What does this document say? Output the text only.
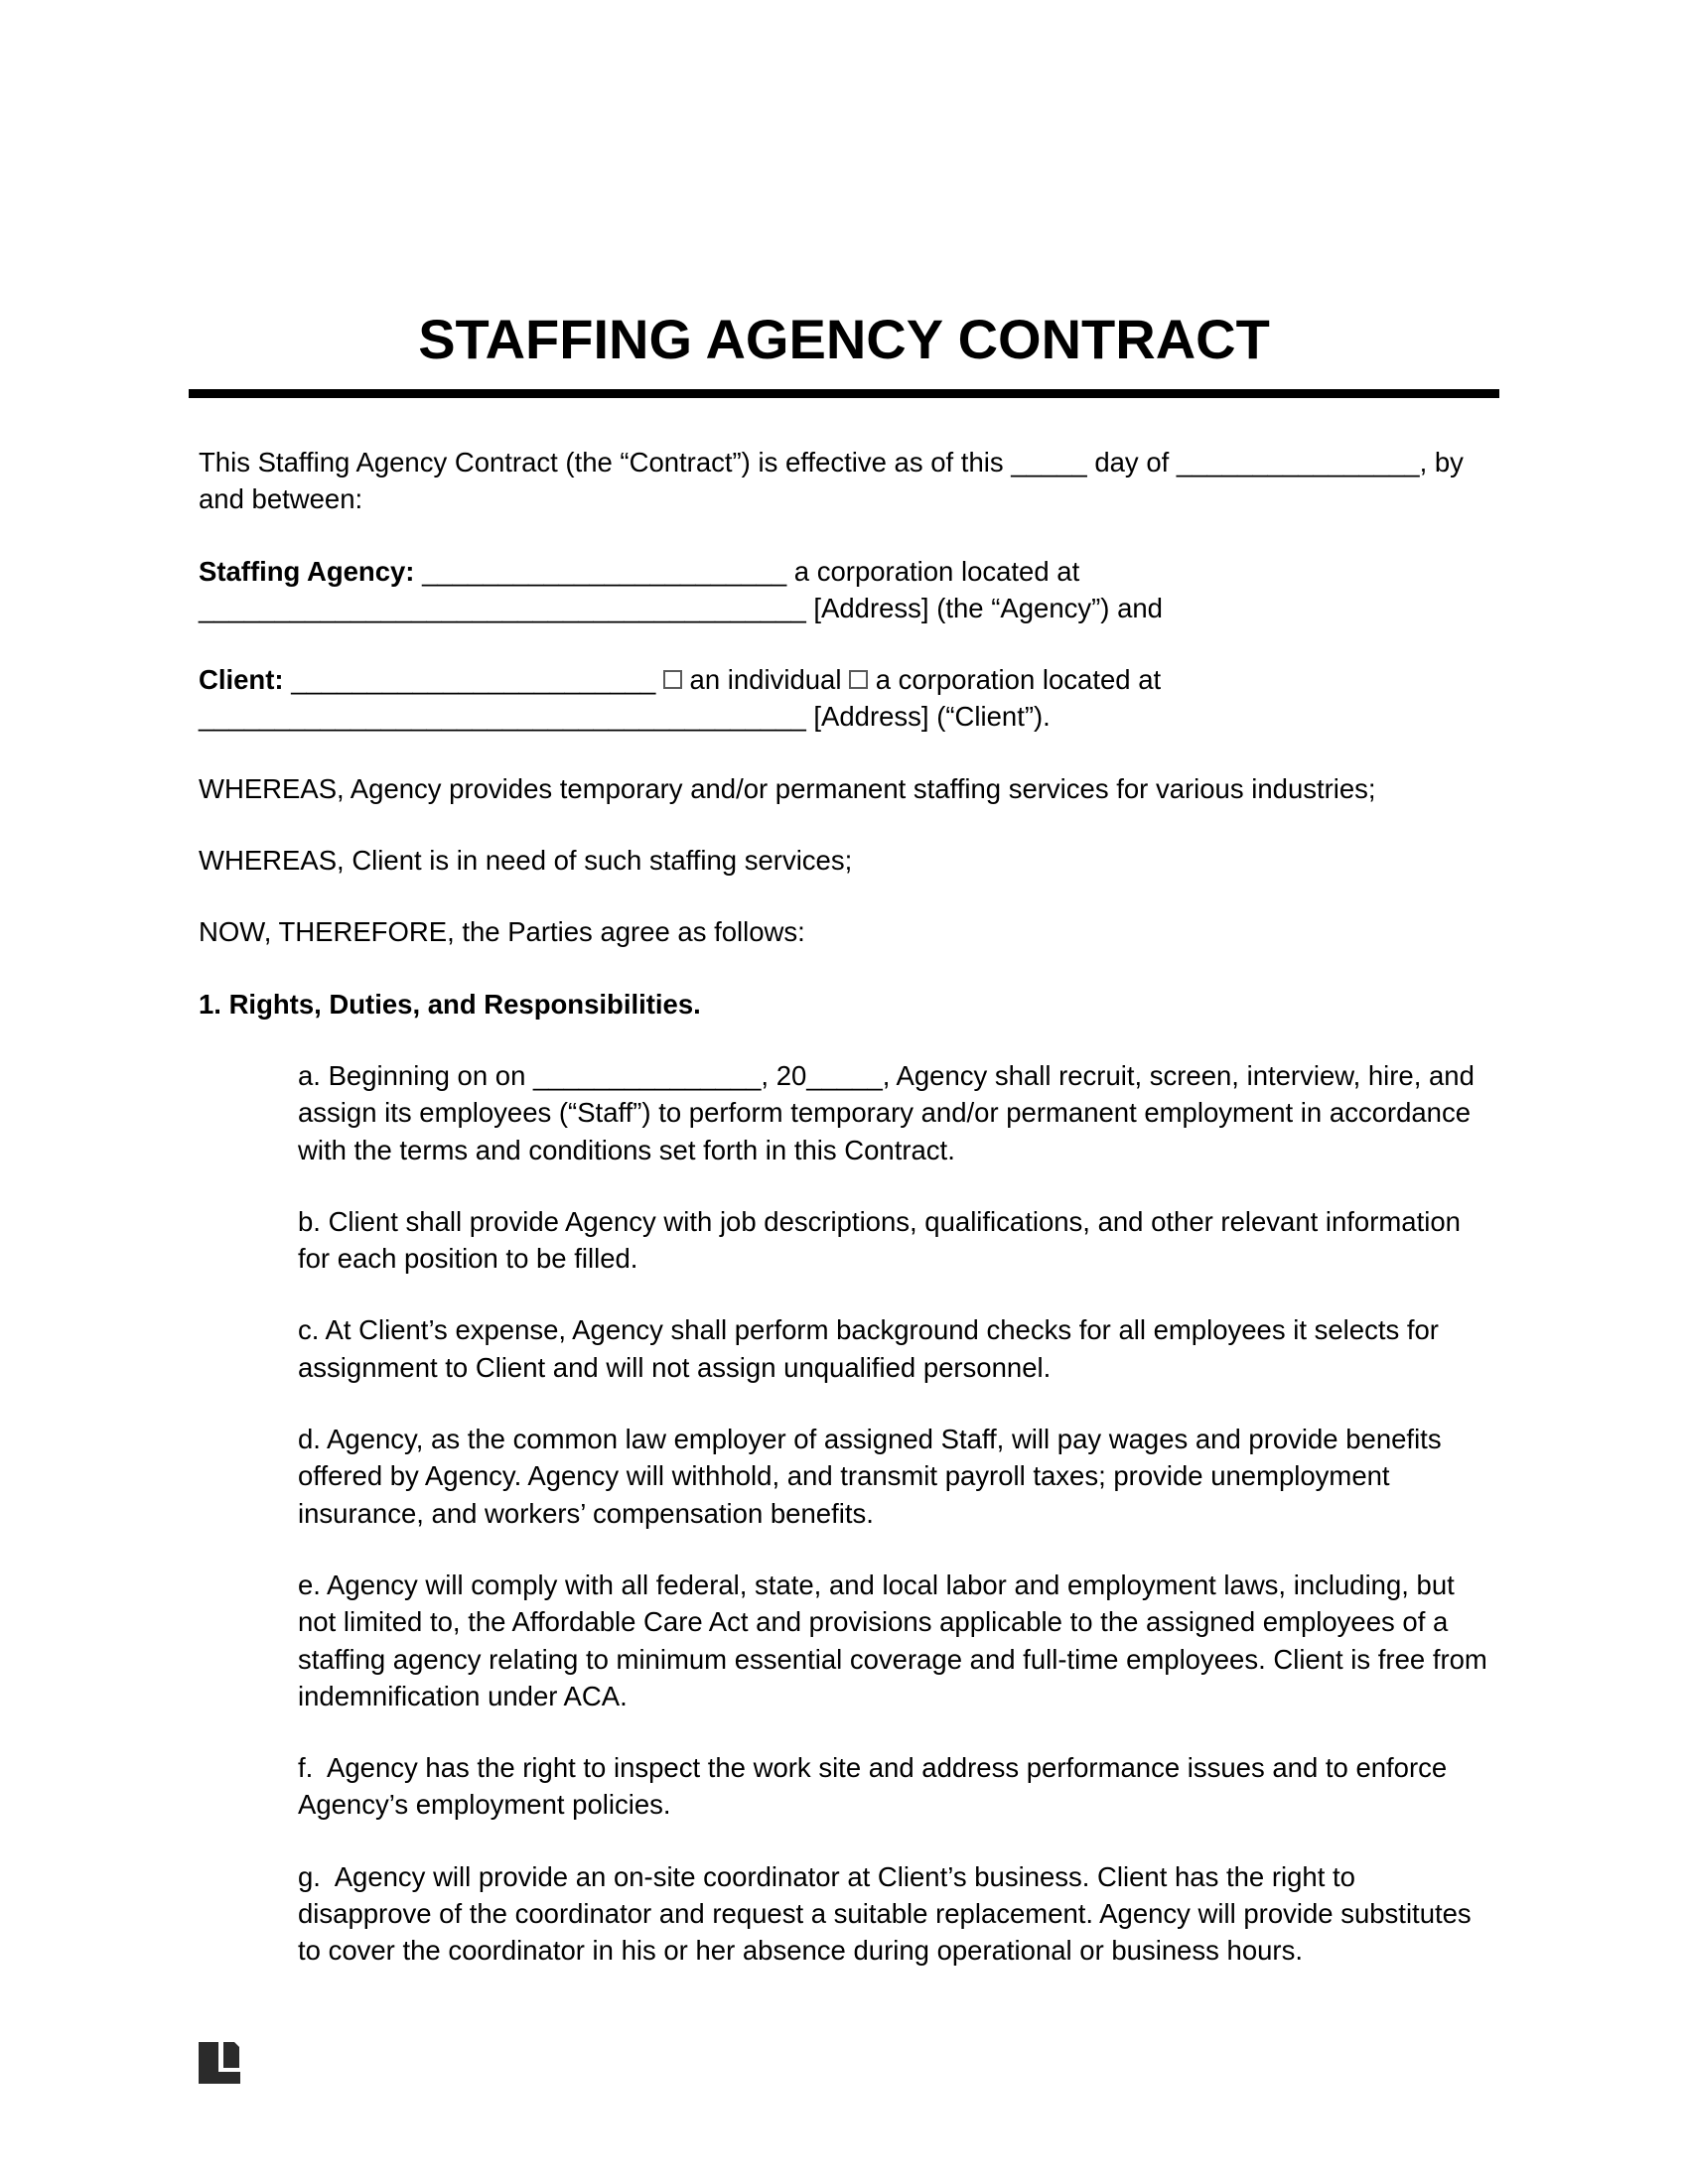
STAFFING AGENCY CONTRACT

This Staffing Agency Contract (the “Contract”) is effective as of this _____ day of ________________, by and between:

Staffing Agency: ________________________ a corporation located at ________________________________________ [Address] (the “Agency”) and

Client: ________________________  an individual  a corporation located at ________________________________________ [Address] (“Client”).

WHEREAS, Agency provides temporary and/or permanent staffing services for various industries;

WHEREAS, Client is in need of such staffing services;

NOW, THEREFORE, the Parties agree as follows:

1. Rights, Duties, and Responsibilities.

a. Beginning on on _______________, 20_____, Agency shall recruit, screen, interview, hire, and assign its employees (“Staff”) to perform temporary and/or permanent employment in accordance with the terms and conditions set forth in this Contract.

b. Client shall provide Agency with job descriptions, qualifications, and other relevant information for each position to be filled.

c. At Client’s expense, Agency shall perform background checks for all employees it selects for assignment to Client and will not assign unqualified personnel.

d. Agency, as the common law employer of assigned Staff, will pay wages and provide benefits offered by Agency. Agency will withhold, and transmit payroll taxes; provide unemployment insurance, and workers’ compensation benefits.

e. Agency will comply with all federal, state, and local labor and employment laws, including, but not limited to, the Affordable Care Act and provisions applicable to the assigned employees of a staffing agency relating to minimum essential coverage and full-time employees. Client is free from indemnification under ACA.

f.  Agency has the right to inspect the work site and address performance issues and to enforce Agency’s employment policies.

g.  Agency will provide an on-site coordinator at Client’s business. Client has the right to disapprove of the coordinator and request a suitable replacement. Agency will provide substitutes to cover the coordinator in his or her absence during operational or business hours.
